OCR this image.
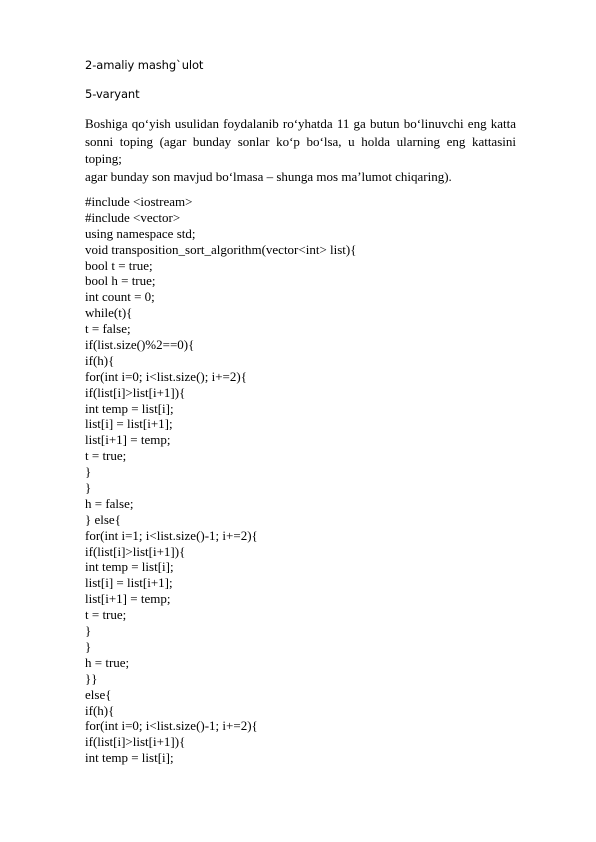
2-amaliy mashg`ulot
5-varyant
Boshiga qo‘yish usulidan foydalanib ro‘yhatda 11 ga butun bo‘linuvchi eng katta
sonni toping (agar bunday sonlar ko‘p bo‘lsa, u holda ularning eng kattasini toping;
agar bunday son mavjud bo‘lmasa – shunga mos ma’lumot chiqaring).
#include <iostream>
#include <vector>
using namespace std;
void transposition_sort_algorithm(vector<int> list){
bool t = true;
bool h = true;
int count = 0;
while(t){
t = false;
if(list.size()%2==0){
if(h){
for(int i=0; i<list.size(); i+=2){
if(list[i]>list[i+1]){
int temp = list[i];
list[i] = list[i+1];
list[i+1] = temp;
t = true;
}
}
h = false;
} else{
for(int i=1; i<list.size()-1; i+=2){
if(list[i]>list[i+1]){
int temp = list[i];
list[i] = list[i+1];
list[i+1] = temp;
t = true;
}
}
h = true;
}}
else{
if(h){
for(int i=0; i<list.size()-1; i+=2){
if(list[i]>list[i+1]){
int temp = list[i];
